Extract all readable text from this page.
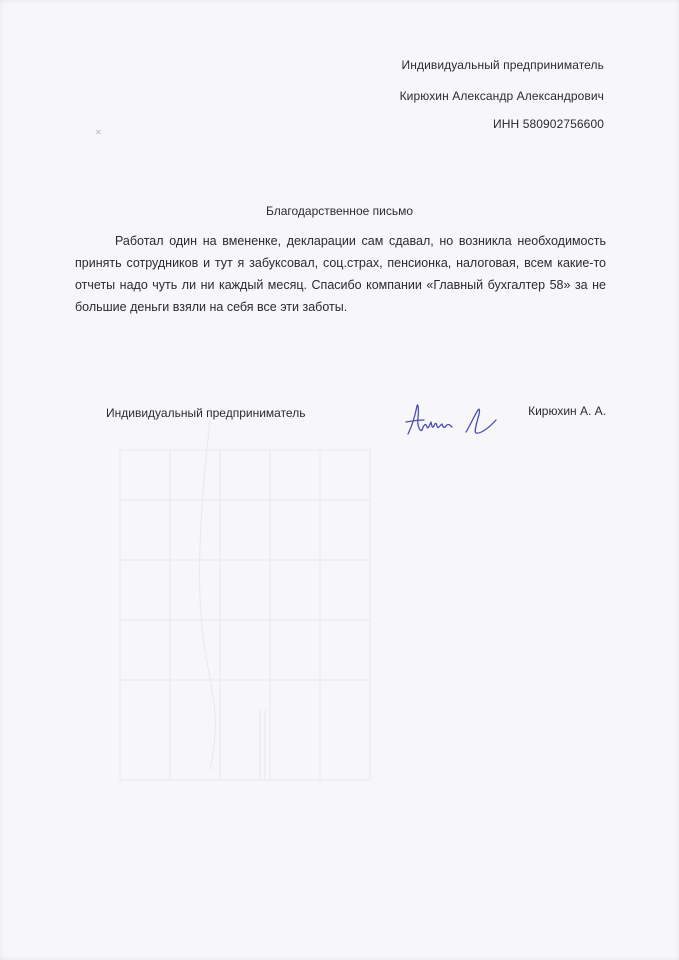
✕
Индивидуальный предприниматель
Кирюхин Александр Александрович
ИНН 580902756600
Благодарственное письмо
Работал один на вмененке, декларации сам сдавал, но возникла необходимость принять сотрудников и тут я забуксовал, соц.страх, пенсионка, налоговая, всем какие-то отчеты надо чуть ли ни каждый месяц. Спасибо компании «Главный бухгалтер 58» за не большие деньги взяли на себя все эти заботы.
Индивидуальный предприниматель	Кирюхин А. А.
